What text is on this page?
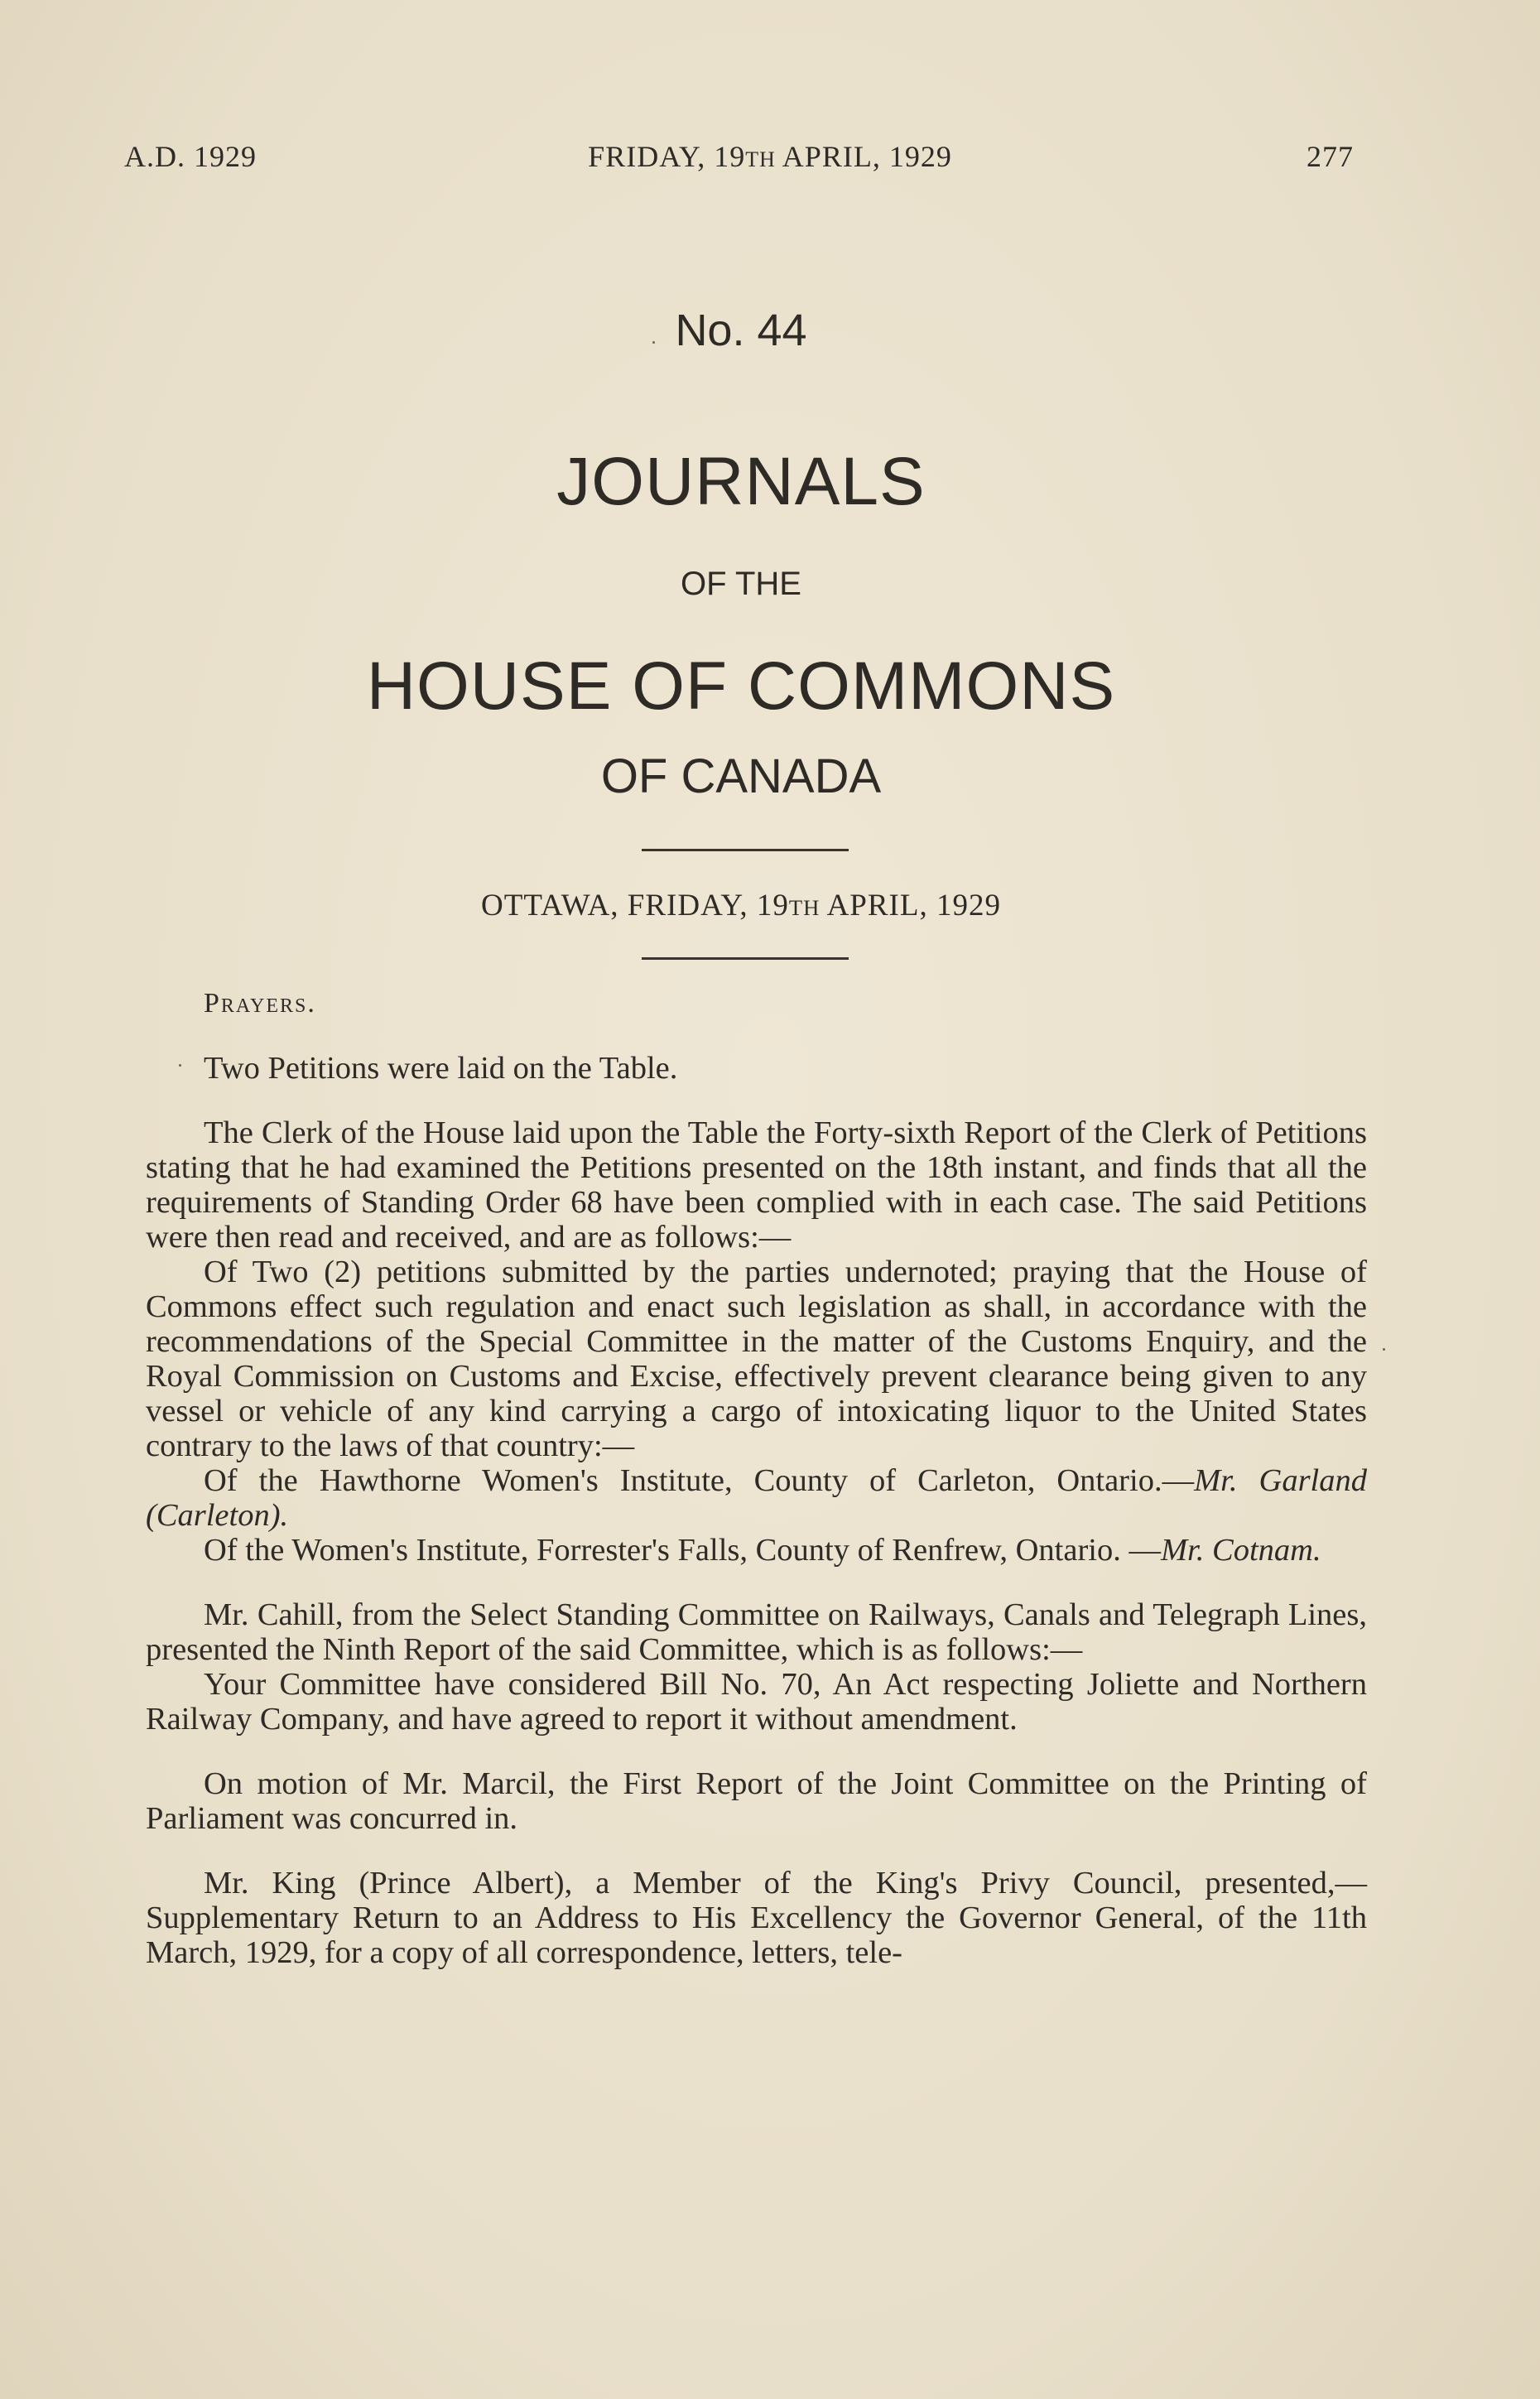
A.D. 1929	FRIDAY, 19TH APRIL, 1929	277
No. 44
JOURNALS
OF THE
HOUSE OF COMMONS
OF CANADA
OTTAWA, FRIDAY, 19TH APRIL, 1929

Prayers.

Two Petitions were laid on the Table.

The Clerk of the House laid upon the Table the Forty-sixth Report of the Clerk of Petitions stating that he had examined the Petitions presented on the 18th instant, and finds that all the requirements of Standing Order 68 have been complied with in each case. The said Petitions were then read and received, and are as follows:—

Of Two (2) petitions submitted by the parties undernoted; praying that the House of Commons effect such regulation and enact such legislation as shall, in accordance with the recommendations of the Special Committee in the matter of the Customs Enquiry, and the Royal Commission on Customs and Excise, effectively prevent clearance being given to any vessel or vehicle of any kind carrying a cargo of intoxicating liquor to the United States contrary to the laws of that country:—

Of the Hawthorne Women's Institute, County of Carleton, Ontario.—Mr. Garland (Carleton).

Of the Women's Institute, Forrester's Falls, County of Renfrew, Ontario. —Mr. Cotnam.

Mr. Cahill, from the Select Standing Committee on Railways, Canals and Telegraph Lines, presented the Ninth Report of the said Committee, which is as follows:—

Your Committee have considered Bill No. 70, An Act respecting Joliette and Northern Railway Company, and have agreed to report it without amendment.

On motion of Mr. Marcil, the First Report of the Joint Committee on the Printing of Parliament was concurred in.

Mr. King (Prince Albert), a Member of the King's Privy Council, presented,—Supplementary Return to an Address to His Excellency the Governor General, of the 11th March, 1929, for a copy of all correspondence, letters, tele-
